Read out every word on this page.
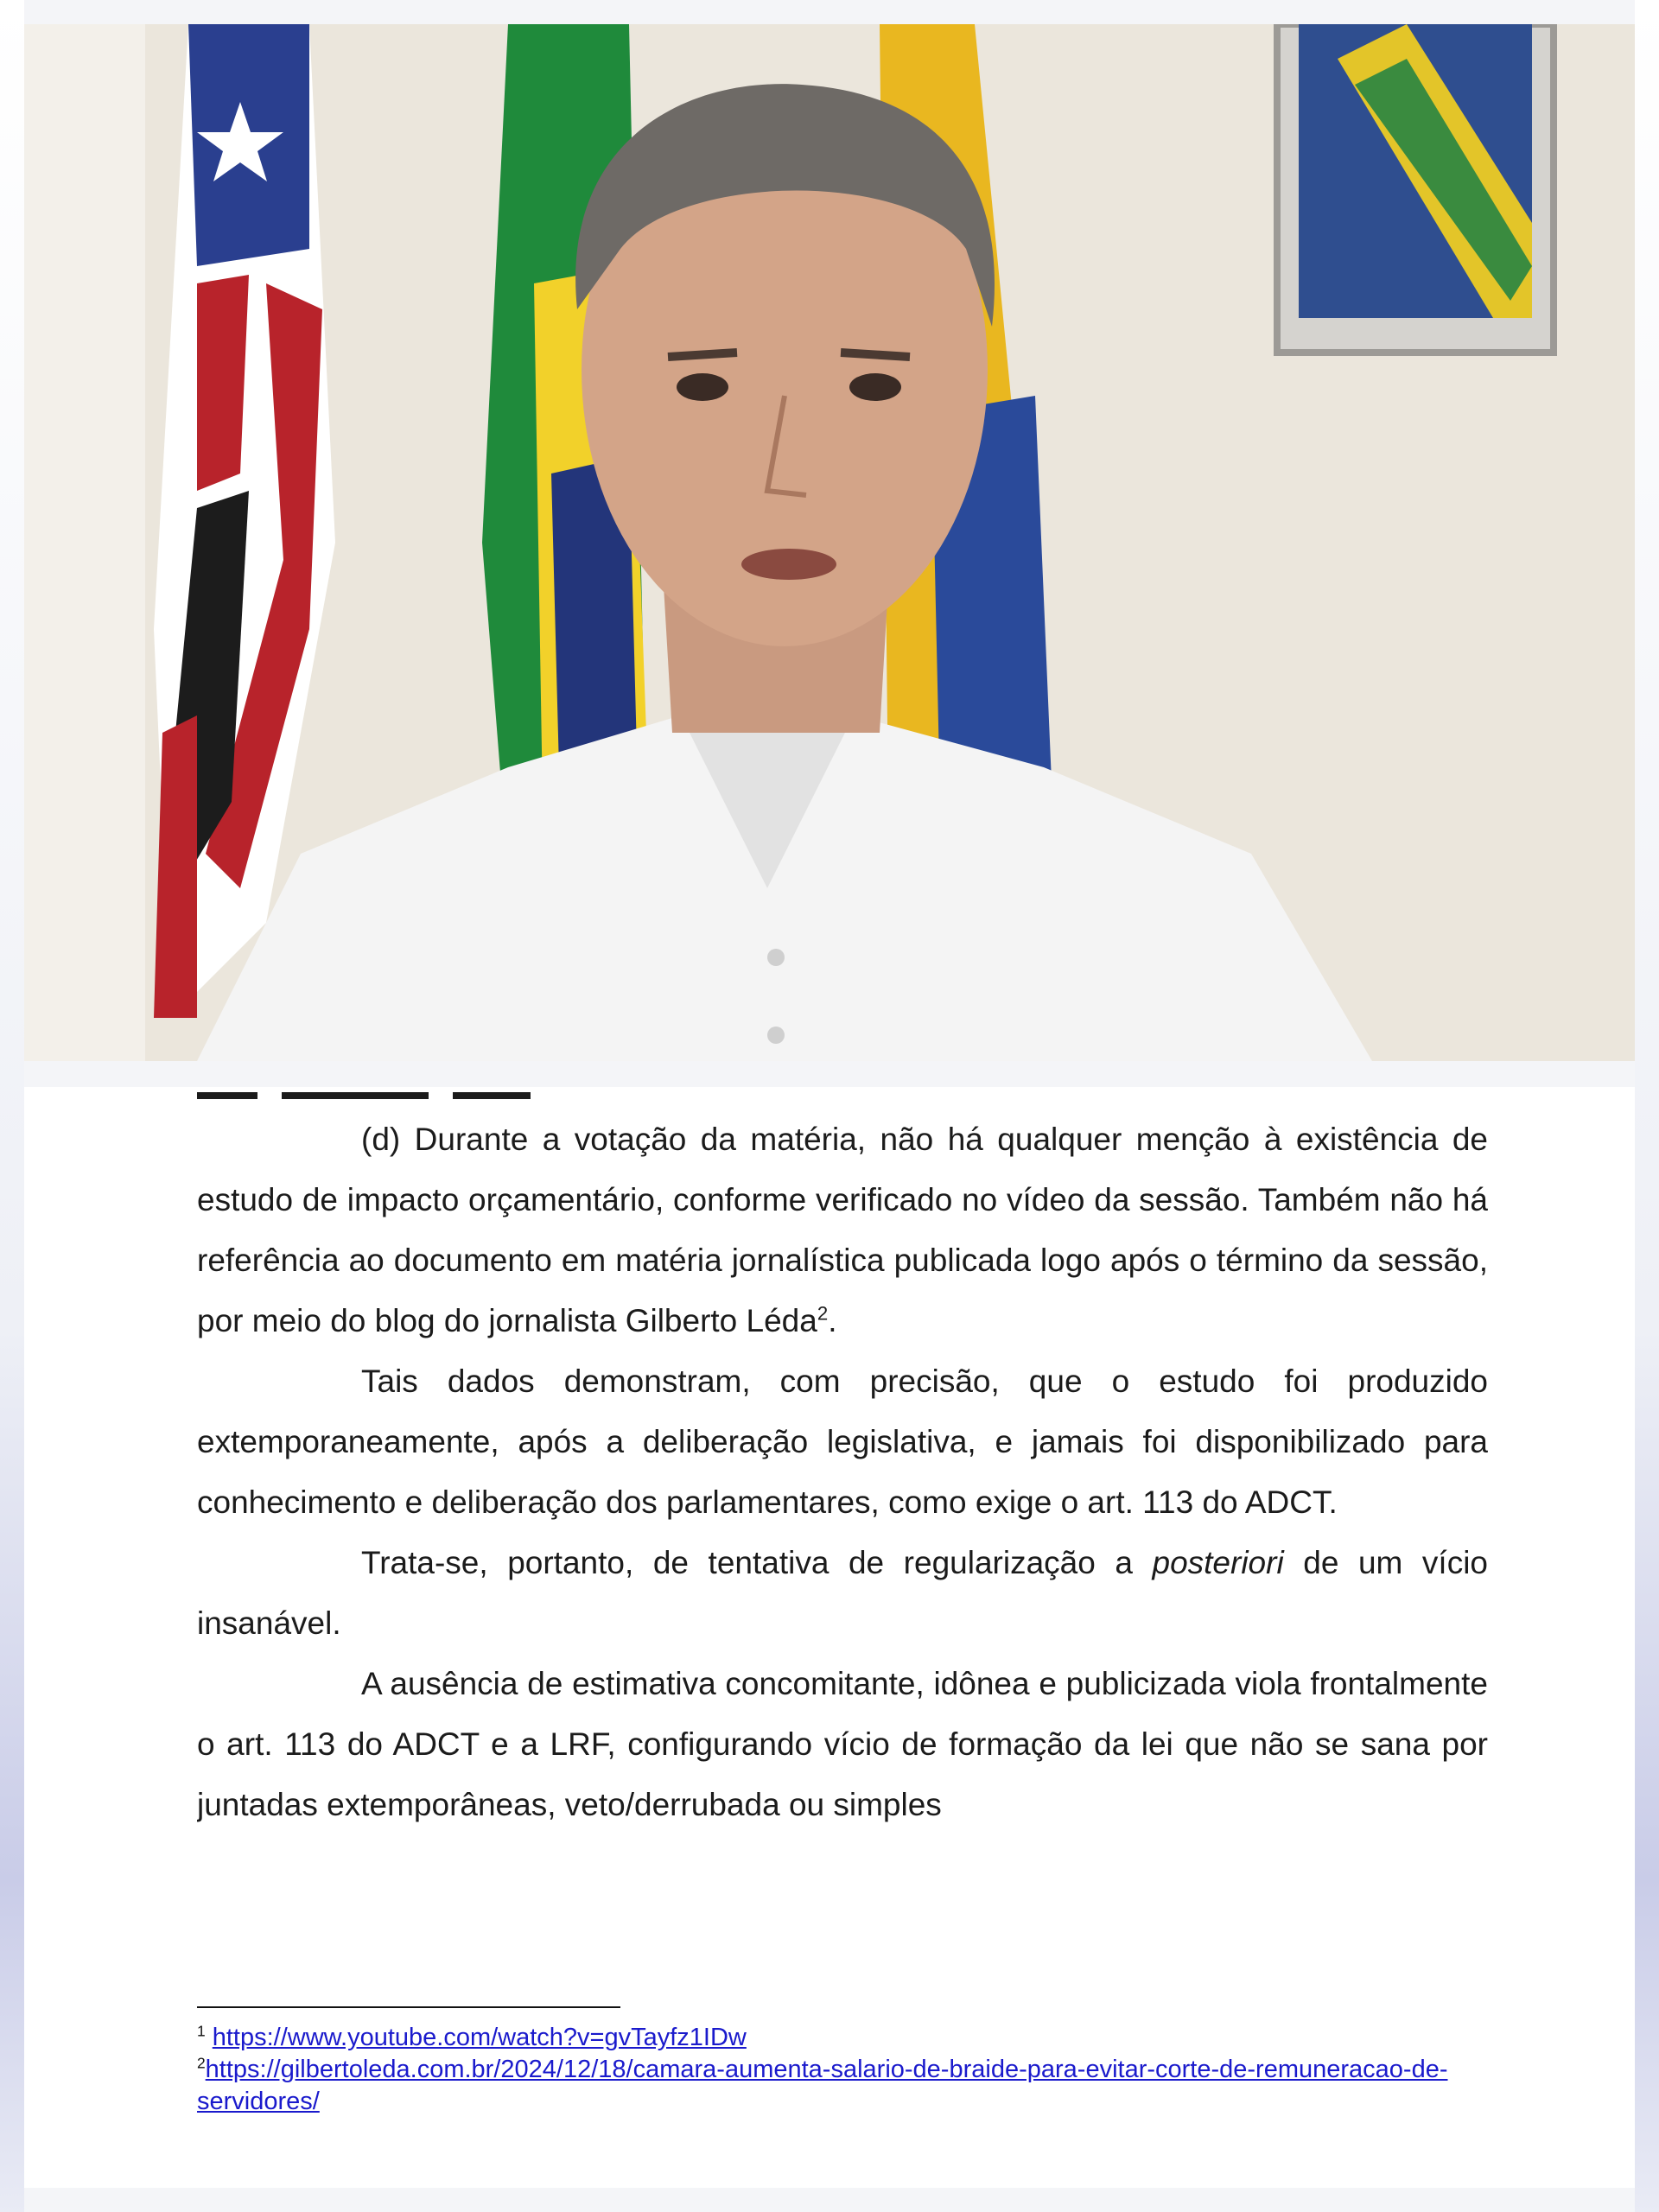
(d) Durante a votação da matéria, não há qualquer menção à existência de estudo de impacto orçamentário, conforme verificado no vídeo da sessão. Também não há referência ao documento em matéria jornalística publicada logo após o término da sessão, por meio do blog do jornalista Gilberto Léda$^2$.

Tais dados demonstram, com precisão, que o estudo foi produzido extemporaneamente, após a deliberação legislativa, e jamais foi disponibilizado para conhecimento e deliberação dos parlamentares, como exige o art. 113 do ADCT.

Trata-se, portanto, de tentativa de regularização a posteriori de um vício insanável.

A ausência de estimativa concomitante, idônea e publicizada viola frontalmente o art. 113 do ADCT e a LRF, configurando vício de formação da lei que não se sana por juntadas extemporâneas, veto/derrubada ou simples

$^1$ https://www.youtube.com/watch?v=gvTayfz1IDw
$^2$https://gilbertoleda.com.br/2024/12/18/camara-aumenta-salario-de-braide-para-evitar-corte-de-remuneracao-de-servidores/
